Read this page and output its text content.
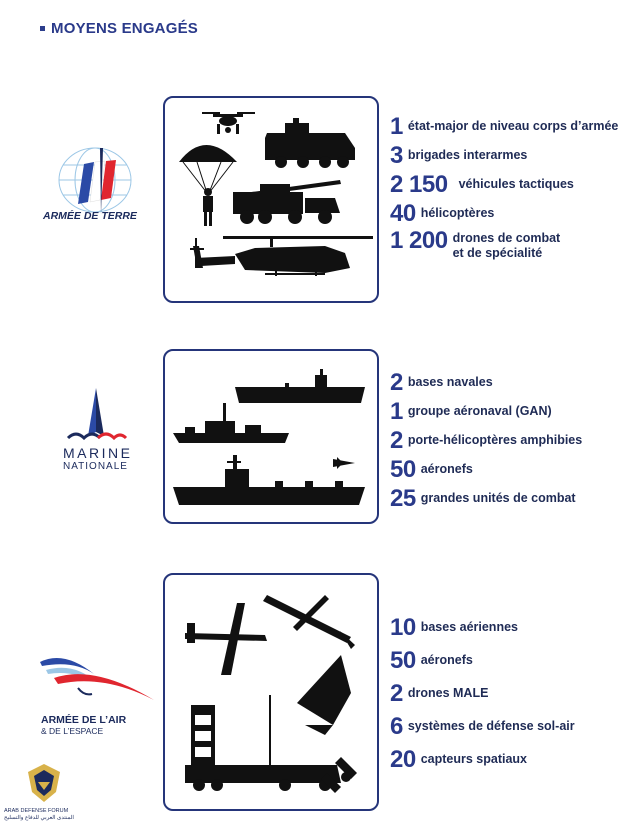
MOYENS ENGAGÉS
ARMÉE DE TERRE
1 état-major de niveau corps d’armée
3 brigades interarmes
2 150 véhicules tactiques
40 hélicoptères
1 200 drones de combat
et de spécialité
MARINE
NATIONALE
2 bases navales
1 groupe aéronaval (GAN)
2 porte-hélicoptères amphibies
50 aéronefs
25 grandes unités de combat
ARMÉE DE L’AIR
& DE L’ESPACE
10 bases aériennes
50 aéronefs
2 drones MALE
6 systèmes de défense sol-air
20 capteurs spatiaux
ARAB DEFENSE FORUM
المنتدى العربي للدفاع والتسليح
